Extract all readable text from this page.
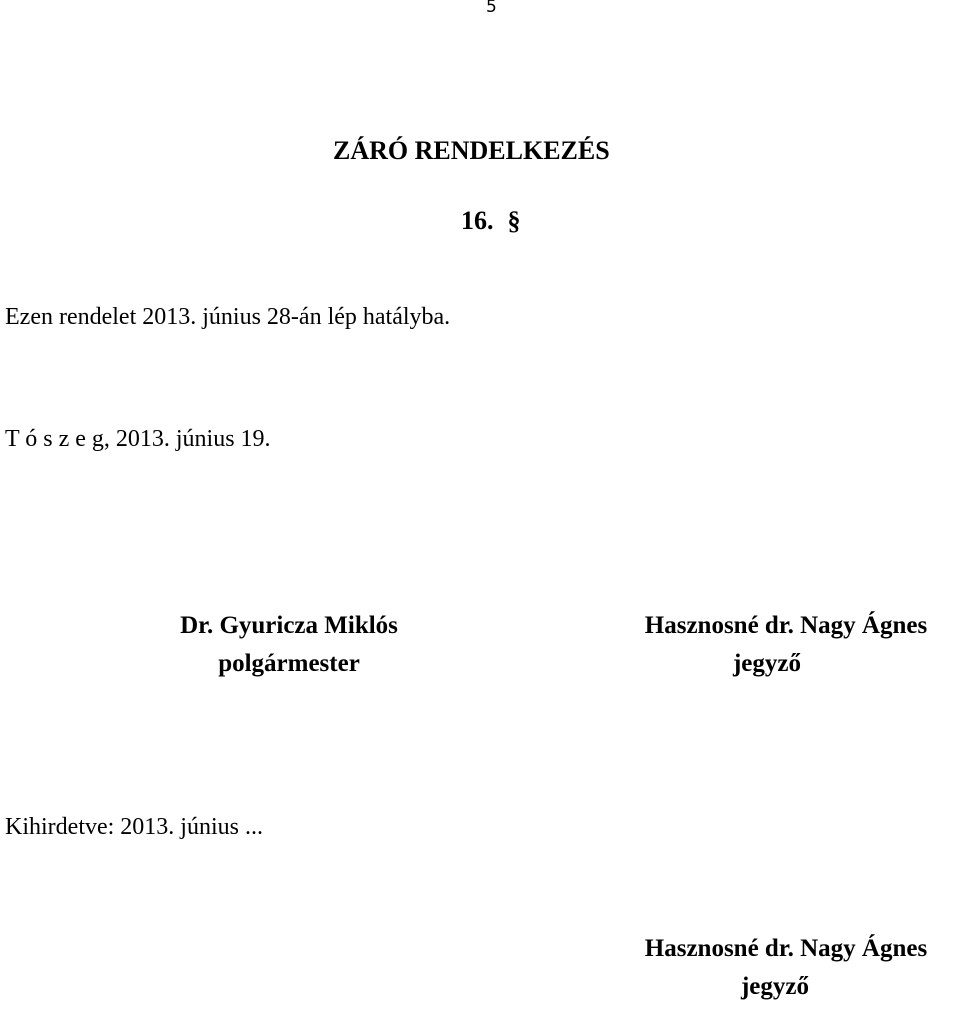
5
ZÁRÓ RENDELKEZÉS
16. §
Ezen rendelet 2013. június 28-án lép hatályba.
T ó s z e g, 2013. június 19.
Dr. Gyuricza Miklós
polgármester
Hasznosné dr. Nagy Ágnes
jegyző
Kihirdetve: 2013. június ...
Hasznosné dr. Nagy Ágnes
jegyző
